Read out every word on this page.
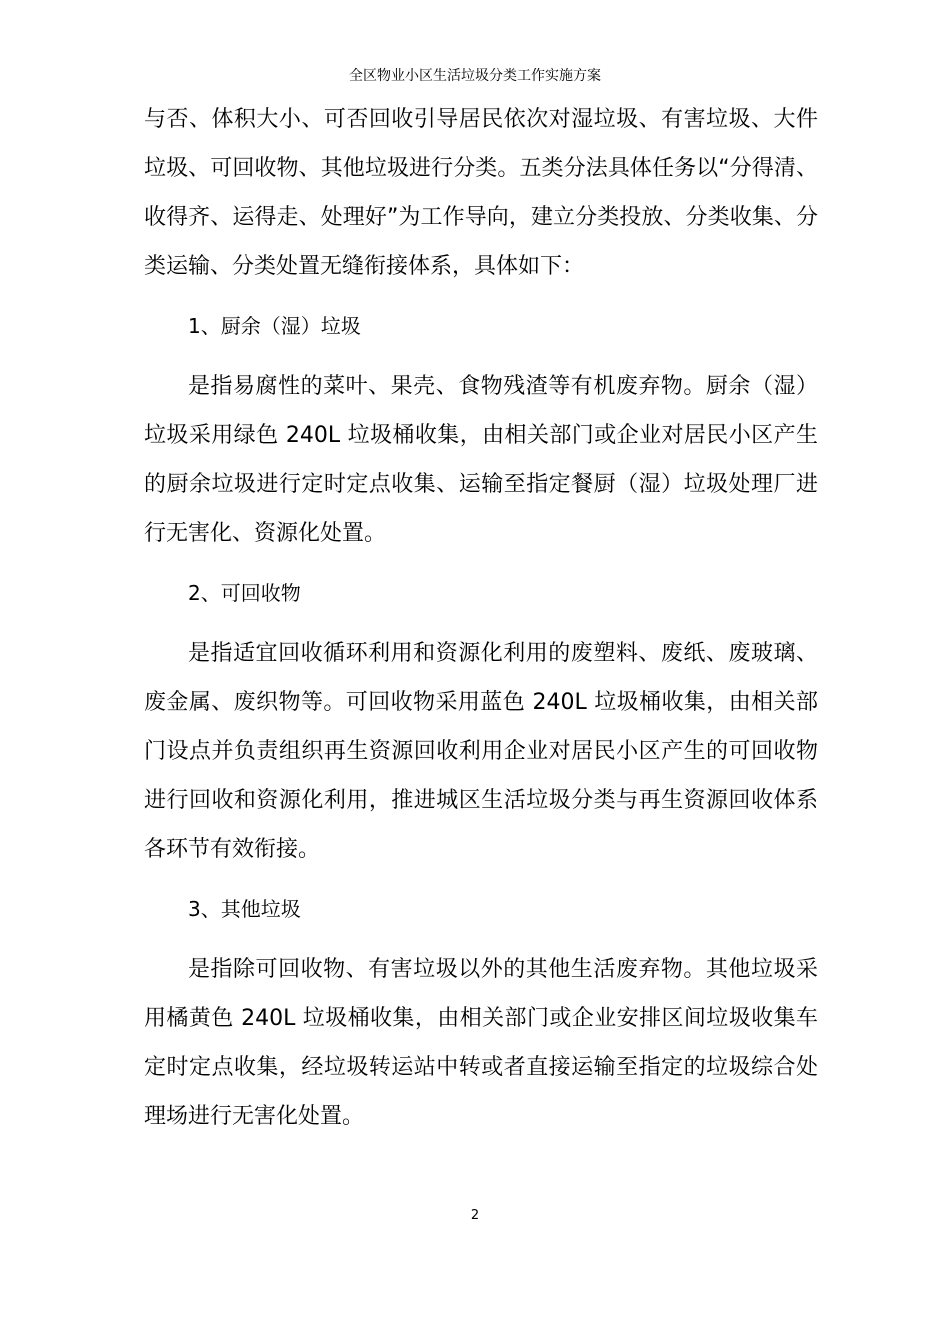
全区物业小区生活垃圾分类工作实施方案

与否、体积大小、可否回收引导居民依次对湿垃圾、有害垃圾、大件垃圾、可回收物、其他垃圾进行分类。五类分法具体任务以“分得清、收得齐、运得走、处理好”为工作导向，建立分类投放、分类收集、分类运输、分类处置无缝衔接体系，具体如下：

1、厨余（湿）垃圾

是指易腐性的菜叶、果壳、食物残渣等有机废弃物。厨余（湿）垃圾采用绿色 240L 垃圾桶收集，由相关部门或企业对居民小区产生的厨余垃圾进行定时定点收集、运输至指定餐厨（湿）垃圾处理厂进行无害化、资源化处置。

2、可回收物

是指适宜回收循环利用和资源化利用的废塑料、废纸、废玻璃、废金属、废织物等。可回收物采用蓝色 240L 垃圾桶收集，由相关部门设点并负责组织再生资源回收利用企业对居民小区产生的可回收物进行回收和资源化利用，推进城区生活垃圾分类与再生资源回收体系各环节有效衔接。

3、其他垃圾

是指除可回收物、有害垃圾以外的其他生活废弃物。其他垃圾采用橘黄色 240L 垃圾桶收集，由相关部门或企业安排区间垃圾收集车定时定点收集，经垃圾转运站中转或者直接运输至指定的垃圾综合处理场进行无害化处置。

2
